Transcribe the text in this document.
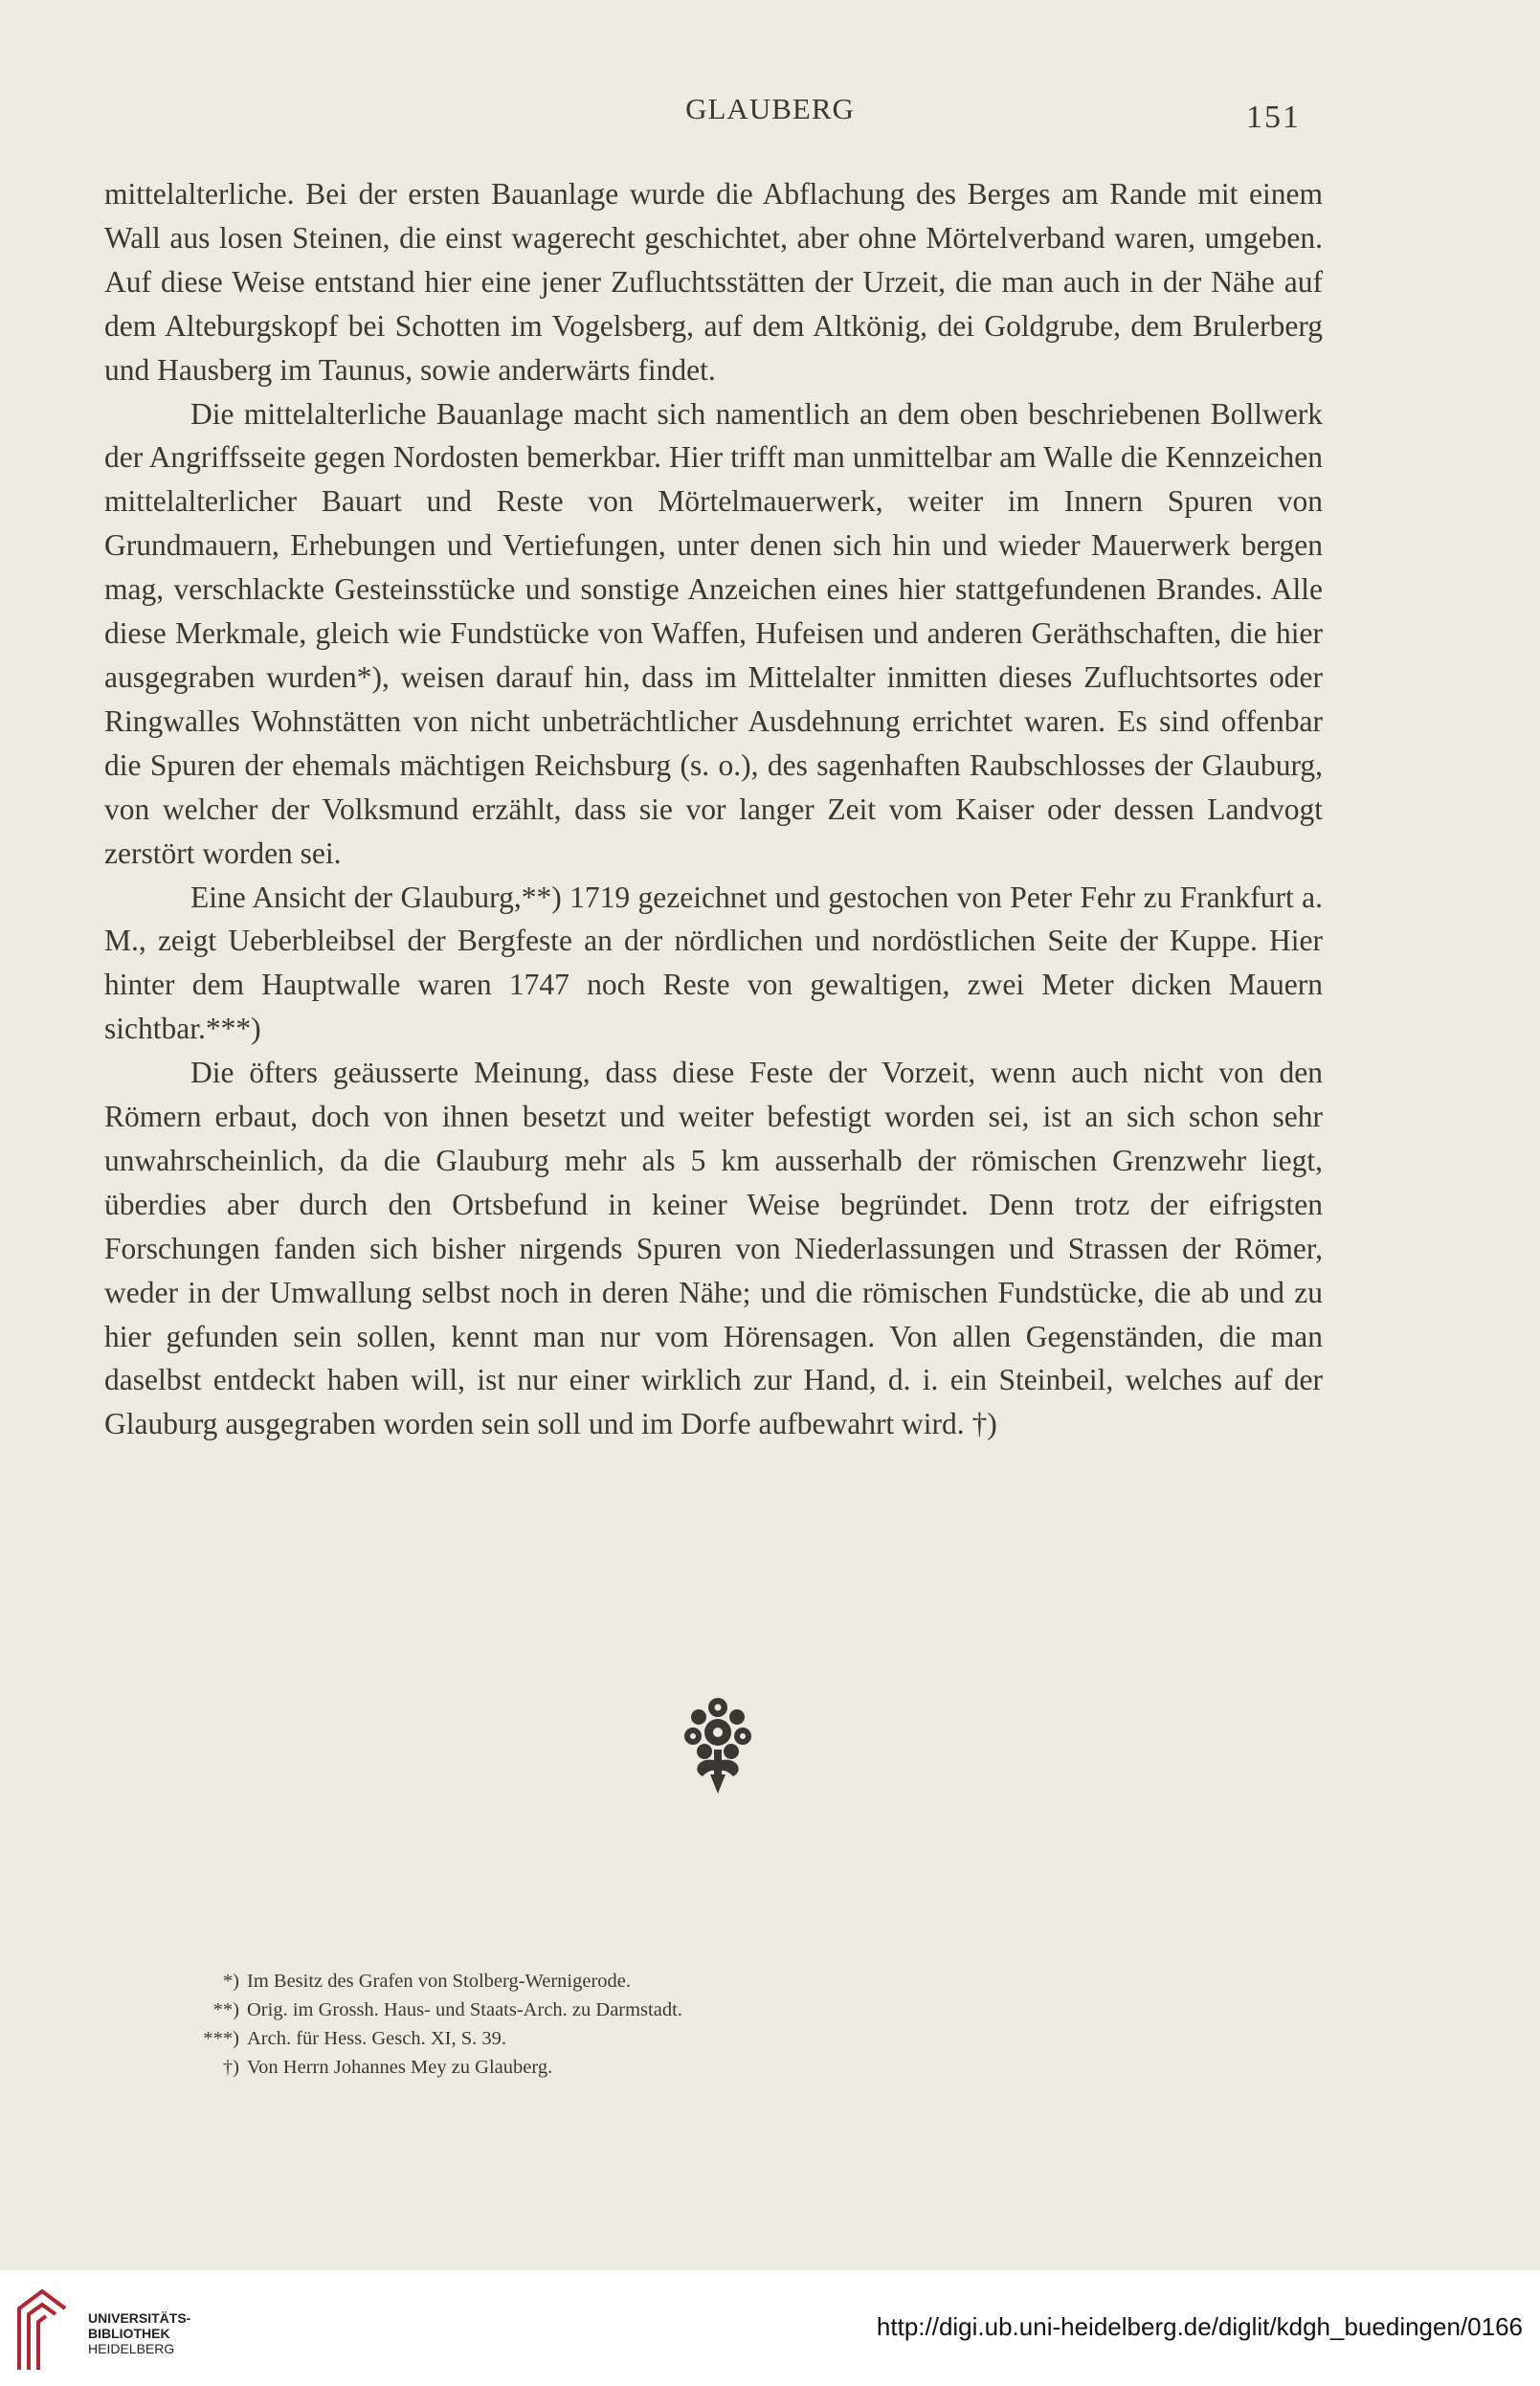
GLAUBERG	151

mittelalterliche. Bei der ersten Bauanlage wurde die Abflachung des Berges am Rande mit einem Wall aus losen Steinen, die einst wagerecht geschichtet, aber ohne Mörtelverband waren, umgeben. Auf diese Weise entstand hier eine jener Zufluchtsstätten der Urzeit, die man auch in der Nähe auf dem Alteburgskopf bei Schotten im Vogelsberg, auf dem Altkönig, dei Goldgrube, dem Brulerberg und Hausberg im Taunus, sowie anderwärts findet.

Die mittelalterliche Bauanlage macht sich namentlich an dem oben beschriebenen Bollwerk der Angriffsseite gegen Nordosten bemerkbar. Hier trifft man unmittelbar am Walle die Kennzeichen mittelalterlicher Bauart und Reste von Mörtelmauerwerk, weiter im Innern Spuren von Grundmauern, Erhebungen und Vertiefungen, unter denen sich hin und wieder Mauerwerk bergen mag, verschlackte Gesteinsstücke und sonstige Anzeichen eines hier stattgefundenen Brandes. Alle diese Merkmale, gleich wie Fundstücke von Waffen, Hufeisen und anderen Geräthschaften, die hier ausgegraben wurden*), weisen darauf hin, dass im Mittelalter inmitten dieses Zufluchtsortes oder Ringwalles Wohnstätten von nicht unbeträchtlicher Ausdehnung errichtet waren. Es sind offenbar die Spuren der ehemals mächtigen Reichsburg (s. o.), des sagenhaften Raubschlosses der Glauburg, von welcher der Volksmund erzählt, dass sie vor langer Zeit vom Kaiser oder dessen Landvogt zerstört worden sei.

Eine Ansicht der Glauburg,**) 1719 gezeichnet und gestochen von Peter Fehr zu Frankfurt a. M., zeigt Ueberbleibsel der Bergfeste an der nördlichen und nordöstlichen Seite der Kuppe. Hier hinter dem Hauptwalle waren 1747 noch Reste von gewaltigen, zwei Meter dicken Mauern sichtbar.***)

Die öfters geäusserte Meinung, dass diese Feste der Vorzeit, wenn auch nicht von den Römern erbaut, doch von ihnen besetzt und weiter befestigt worden sei, ist an sich schon sehr unwahrscheinlich, da die Glauburg mehr als 5 km ausserhalb der römischen Grenzwehr liegt, überdies aber durch den Ortsbefund in keiner Weise begründet. Denn trotz der eifrigsten Forschungen fanden sich bisher nirgends Spuren von Niederlassungen und Strassen der Römer, weder in der Umwallung selbst noch in deren Nähe; und die römischen Fundstücke, die ab und zu hier gefunden sein sollen, kennt man nur vom Hörensagen. Von allen Gegenständen, die man daselbst entdeckt haben will, ist nur einer wirklich zur Hand, d. i. ein Steinbeil, welches auf der Glauburg ausgegraben worden sein soll und im Dorfe aufbewahrt wird. †)

*) Im Besitz des Grafen von Stolberg-Wernigerode.
**) Orig. im Grossh. Haus- und Staats-Arch. zu Darmstadt.
***) Arch. für Hess. Gesch. XI, S. 39.
†) Von Herrn Johannes Mey zu Glauberg.
UNIVERSITÄTS-
BIBLIOTHEK
HEIDELBERG
http://digi.ub.uni-heidelberg.de/diglit/kdgh_buedingen/0166
